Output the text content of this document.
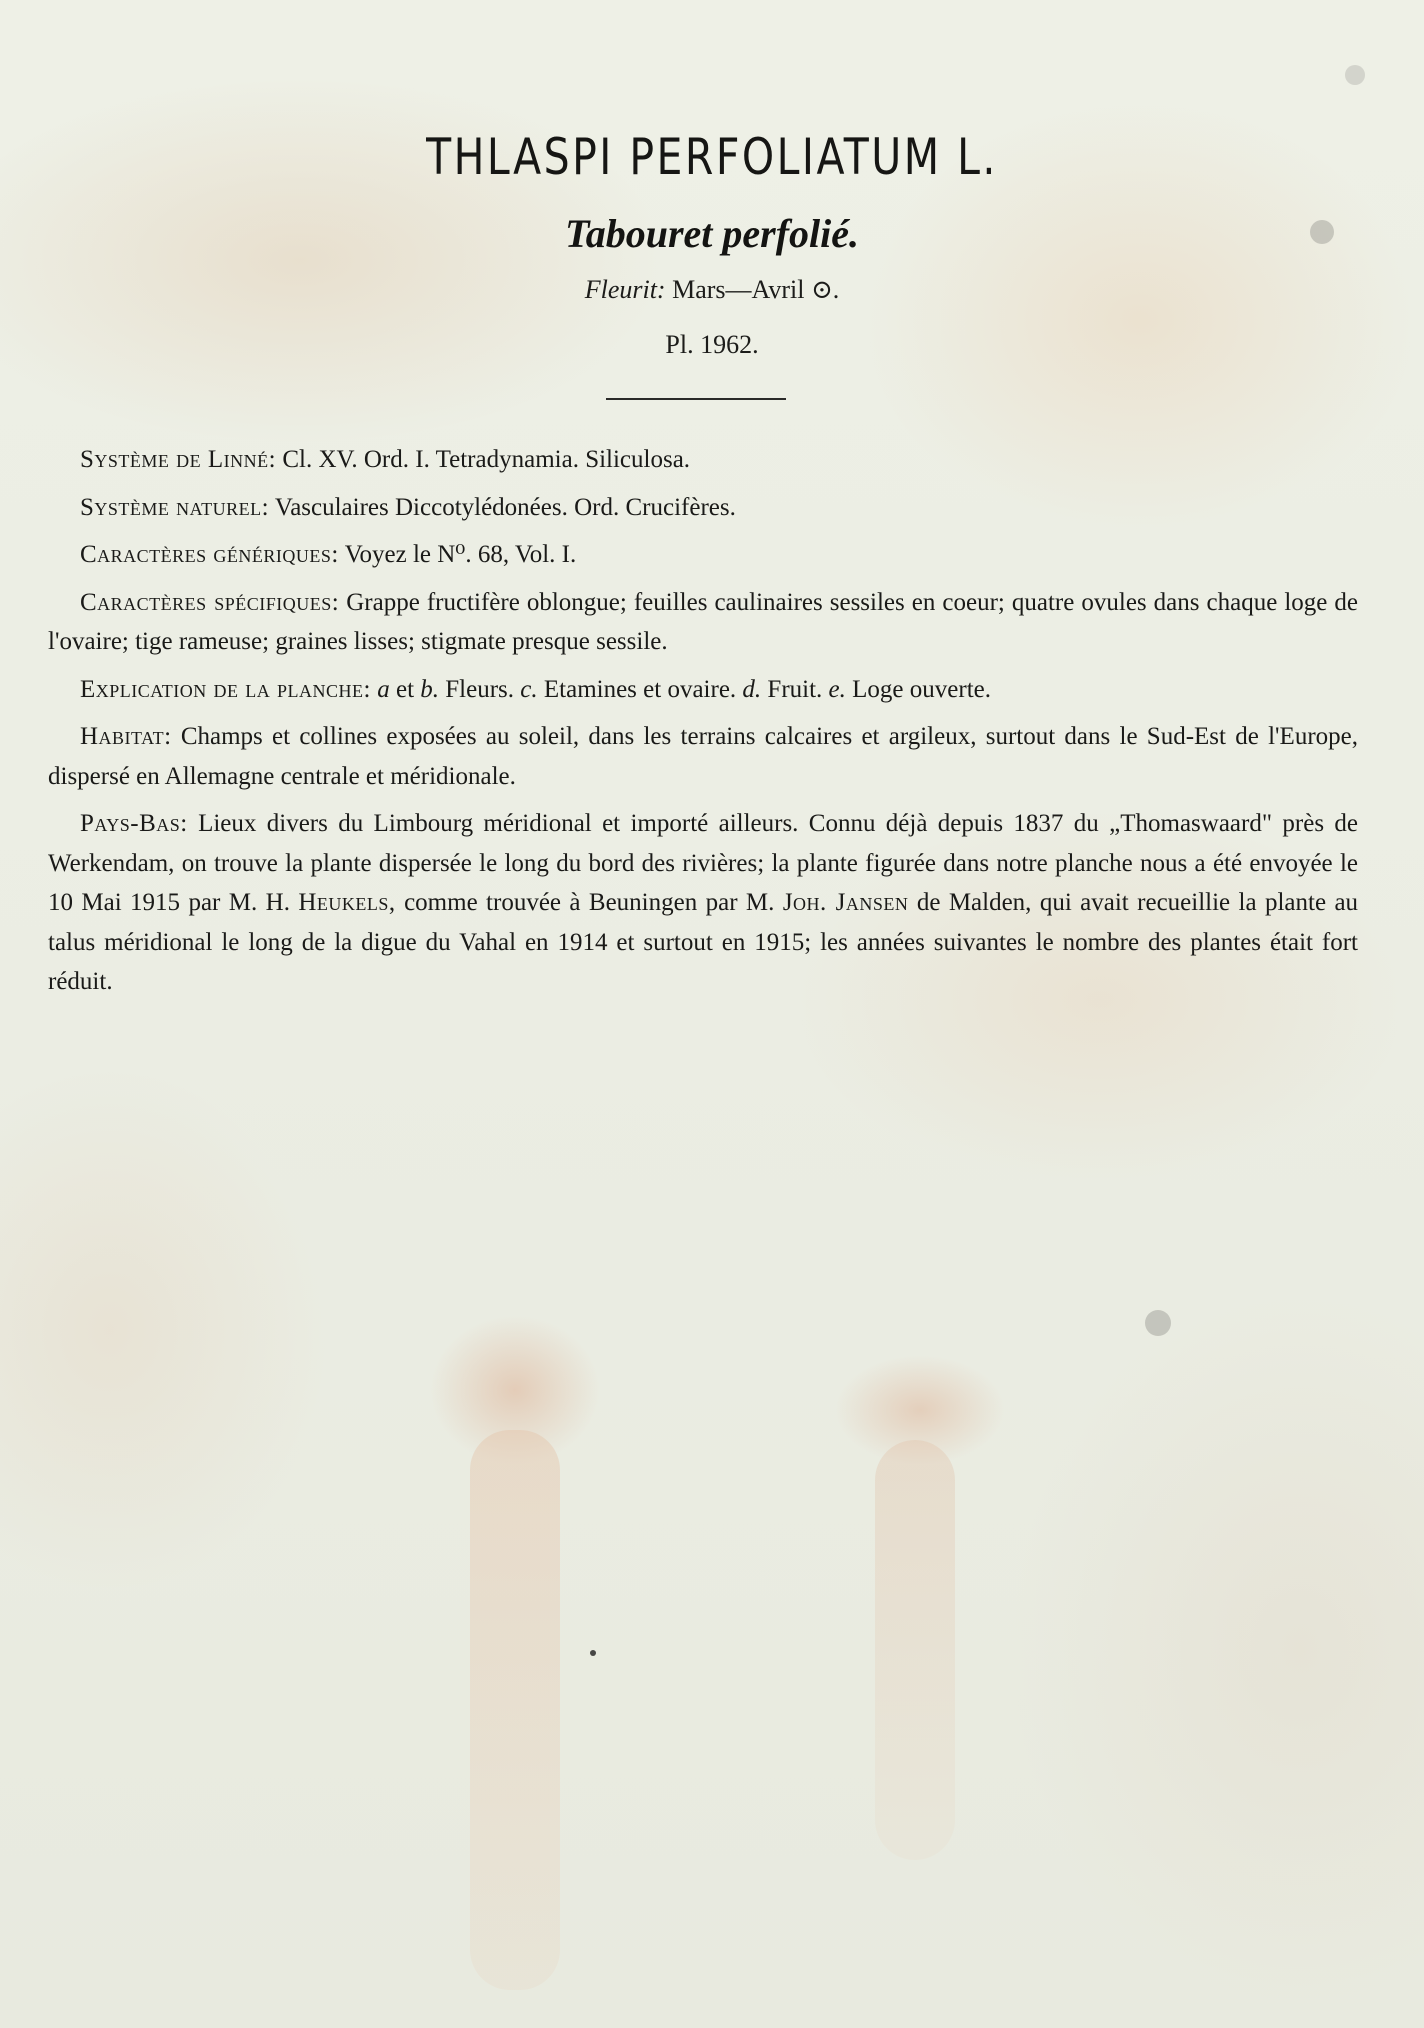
THLASPI PERFOLIATUM L.
Tabouret perfolié.
Fleurit: Mars—Avril ⊙.
Pl. 1962.

Système de Linné: Cl. XV. Ord. I. Tetradynamia. Siliculosa.

Système naturel: Vasculaires Diccotylédonées. Ord. Crucifères.

Caractères génériques: Voyez le N⁰. 68, Vol. I.

Caractères spécifiques: Grappe fructifère oblongue; feuilles caulinaires sessiles en coeur; quatre ovules dans chaque loge de l'ovaire; tige rameuse; graines lisses; stigmate presque sessile.

Explication de la planche: a et b. Fleurs. c. Etamines et ovaire. d. Fruit. e. Loge ouverte.

Habitat: Champs et collines exposées au soleil, dans les terrains calcaires et argileux, surtout dans le Sud-Est de l'Europe, dispersé en Allemagne centrale et méridionale.

Pays-Bas: Lieux divers du Limbourg méridional et importé ailleurs. Connu déjà depuis 1837 du „Thomaswaard" près de Werkendam, on trouve la plante dispersée le long du bord des rivières; la plante figurée dans notre planche nous a été envoyée le 10 Mai 1915 par M. H. Heukels, comme trouvée à Beuningen par M. Joh. Jansen de Malden, qui avait recueillie la plante au talus méridional le long de la digue du Vahal en 1914 et surtout en 1915; les années suivantes le nombre des plantes était fort réduit.
